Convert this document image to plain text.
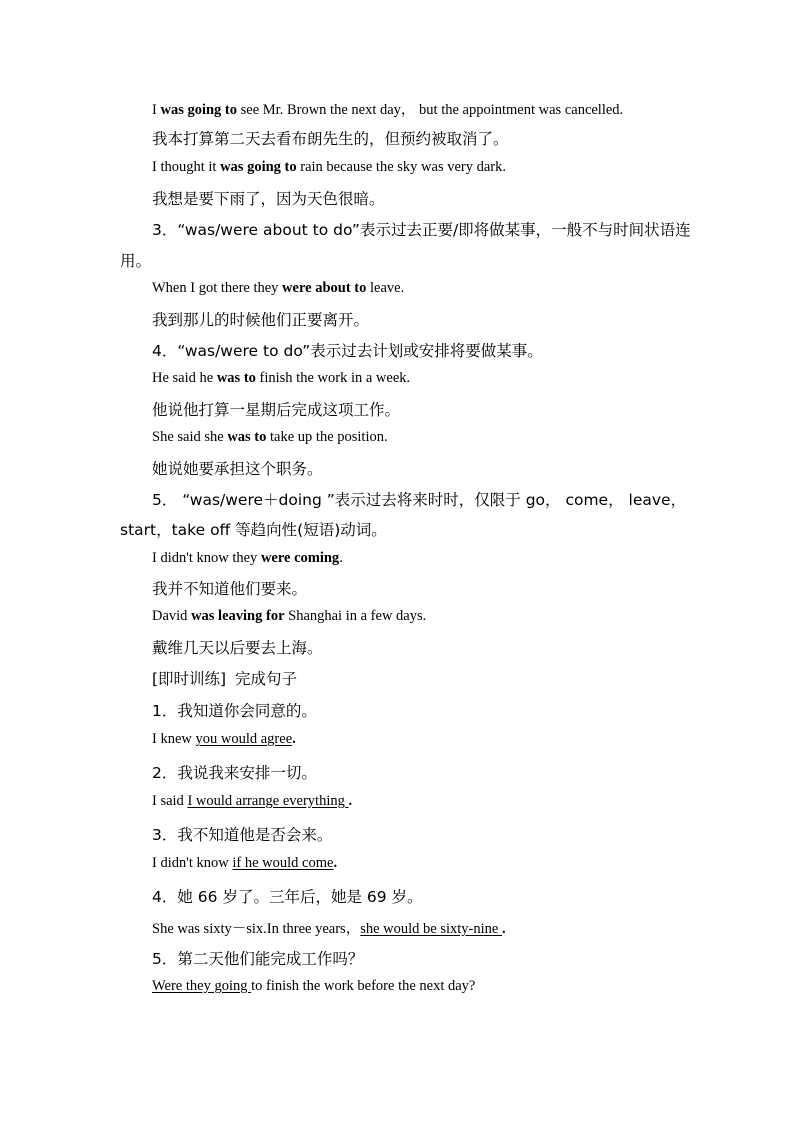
I was going to see Mr. Brown the next day， but the appointment was cancelled.
我本打算第二天去看布朗先生的，但预约被取消了。
I thought it was going to rain because the sky was very dark.
我想是要下雨了，因为天色很暗。
3．“was/were about to do”表示过去正要/即将做某事，一般不与时间状语连
用。
When I got there they were about to leave.
我到那儿的时候他们正要离开。
4．“was/were to do”表示过去计划或安排将要做某事。
He said he was to finish the work in a week.
他说他打算一星期后完成这项工作。
She said she was to take up the position.
她说她要承担这个职务。
5． “was/were＋doing ”表示过去将来时时，仅限于 go， come， leave，
start，take off 等趋向性(短语)动词。
I didn't know they were coming.
我并不知道他们要来。
David was leaving for Shanghai in a few days.
戴维几天以后要去上海。
[即时训练] 完成句子
1．我知道你会同意的。
I knew you would agree.
2．我说我来安排一切。
I said I would arrange everything .
3．我不知道他是否会来。
I didn't know if he would come.
4．她 66 岁了。三年后，她是 69 岁。
She was sixty－six.In three years，she would be sixty-nine .
5．第二天他们能完成工作吗？
Were they going to finish the work before the next day?
